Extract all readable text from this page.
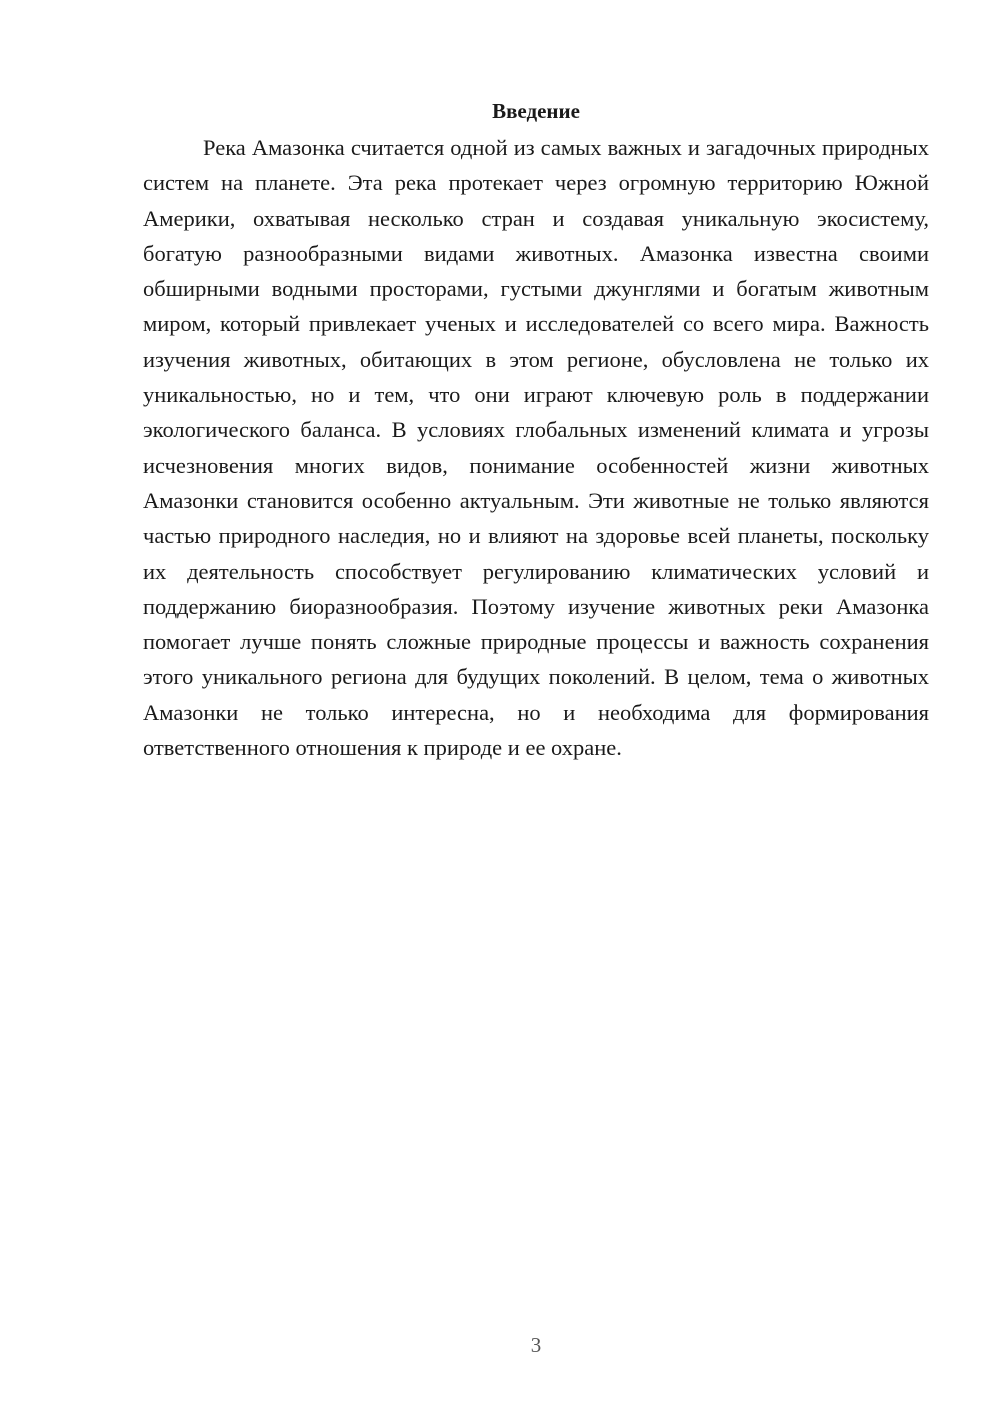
Введение

Река Амазонка считается одной из самых важных и загадочных природных систем на планете. Эта река протекает через огромную территорию Южной Америки, охватывая несколько стран и создавая уникальную экосистему, богатую разнообразными видами животных. Амазонка известна своими обширными водными просторами, густыми джунглями и богатым животным миром, который привлекает ученых и исследователей со всего мира. Важность изучения животных, обитающих в этом регионе, обусловлена не только их уникальностью, но и тем, что они играют ключевую роль в поддержании экологического баланса. В условиях глобальных изменений климата и угрозы исчезновения многих видов, понимание особенностей жизни животных Амазонки становится особенно актуальным. Эти животные не только являются частью природного наследия, но и влияют на здоровье всей планеты, поскольку их деятельность способствует регулированию климатических условий и поддержанию биоразнообразия. Поэтому изучение животных реки Амазонка помогает лучше понять сложные природные процессы и важность сохранения этого уникального региона для будущих поколений. В целом, тема о животных Амазонки не только интересна, но и необходима для формирования ответственного отношения к природе и ее охране.

3
